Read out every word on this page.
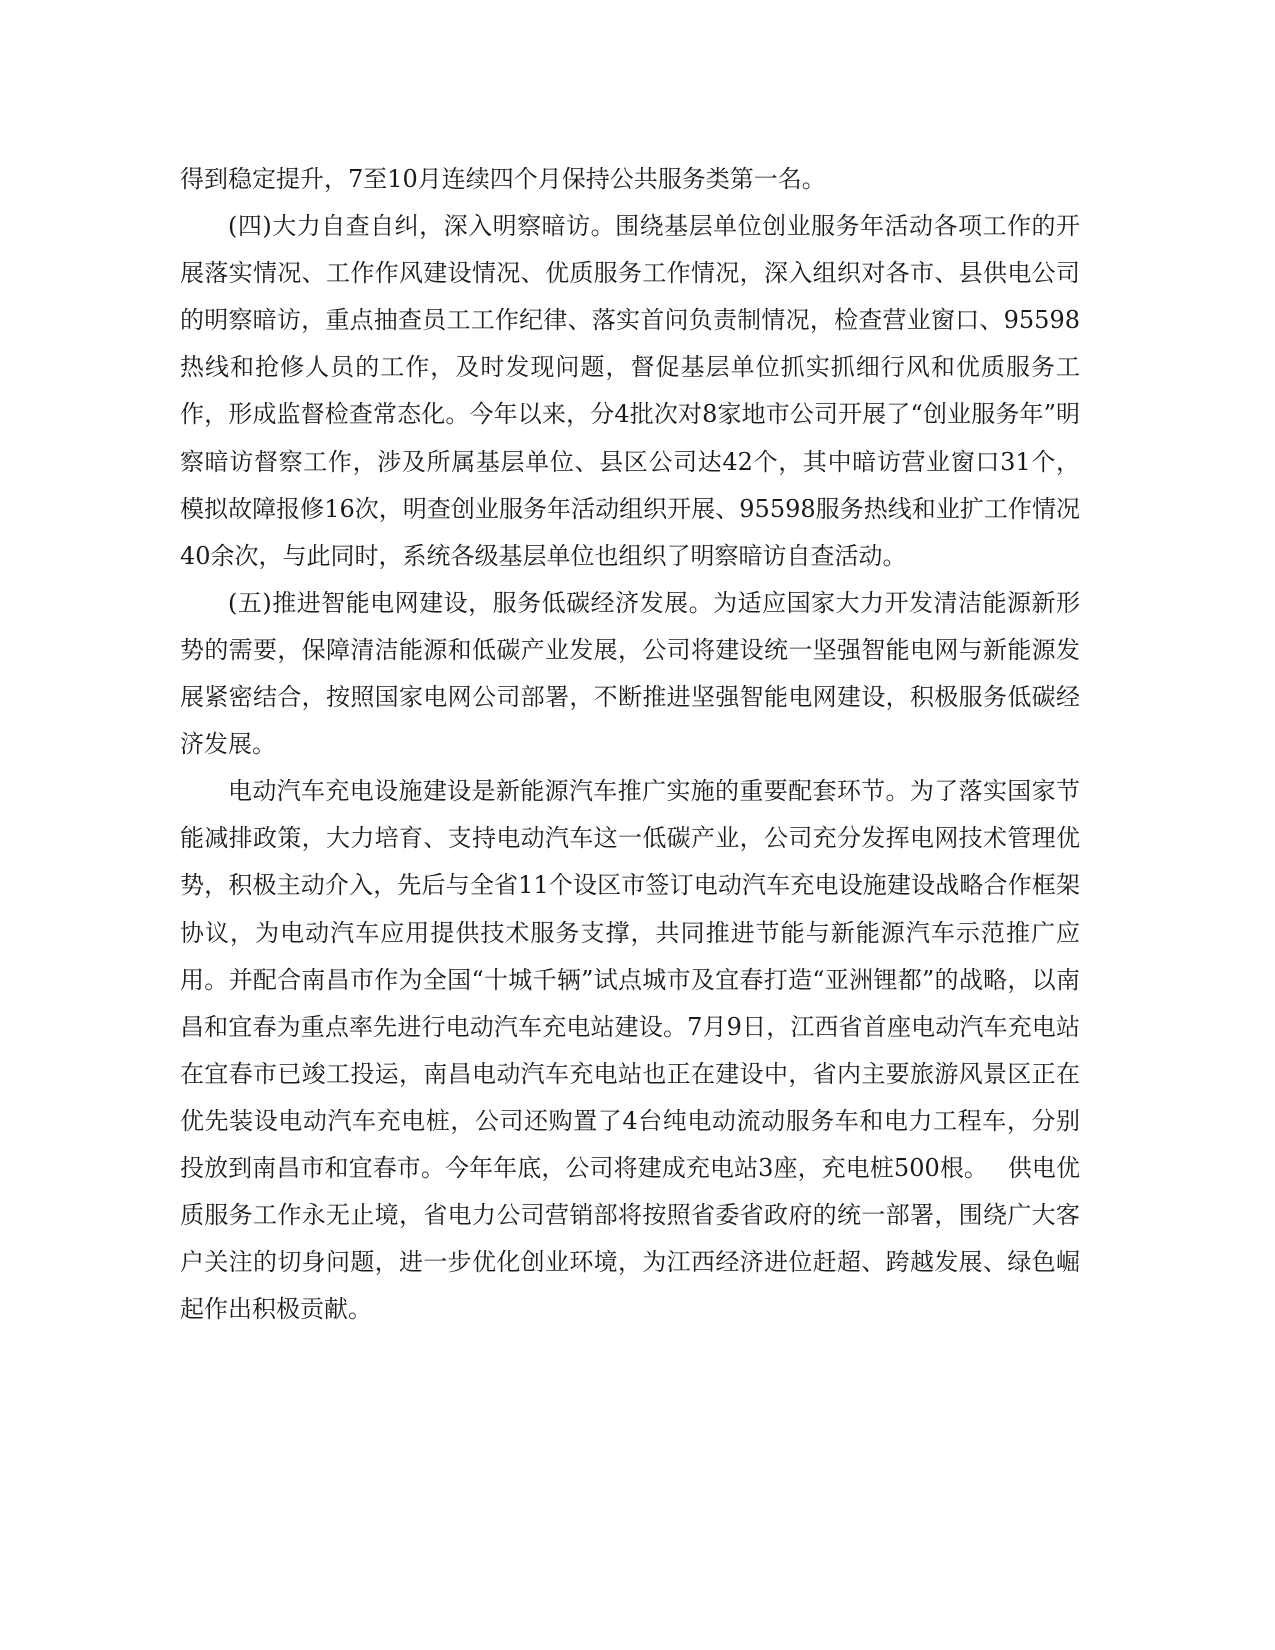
得到稳定提升，7至10月连续四个月保持公共服务类第一名。

(四)大力自查自纠，深入明察暗访。围绕基层单位创业服务年活动各项工作的开展落实情况、工作作风建设情况、优质服务工作情况，深入组织对各市、县供电公司的明察暗访，重点抽查员工工作纪律、落实首问负责制情况，检查营业窗口、95598热线和抢修人员的工作，及时发现问题，督促基层单位抓实抓细行风和优质服务工作，形成监督检查常态化。今年以来，分4批次对8家地市公司开展了“创业服务年”明察暗访督察工作，涉及所属基层单位、县区公司达42个，其中暗访营业窗口31个，模拟故障报修16次，明查创业服务年活动组织开展、95598服务热线和业扩工作情况40余次，与此同时，系统各级基层单位也组织了明察暗访自查活动。

(五)推进智能电网建设，服务低碳经济发展。为适应国家大力开发清洁能源新形势的需要，保障清洁能源和低碳产业发展，公司将建设统一坚强智能电网与新能源发展紧密结合，按照国家电网公司部署，不断推进坚强智能电网建设，积极服务低碳经济发展。

电动汽车充电设施建设是新能源汽车推广实施的重要配套环节。为了落实国家节能减排政策，大力培育、支持电动汽车这一低碳产业，公司充分发挥电网技术管理优势，积极主动介入，先后与全省11个设区市签订电动汽车充电设施建设战略合作框架协议，为电动汽车应用提供技术服务支撑，共同推进节能与新能源汽车示范推广应用。并配合南昌市作为全国“十城千辆”试点城市及宜春打造“亚洲锂都”的战略，以南昌和宜春为重点率先进行电动汽车充电站建设。7月9日，江西省首座电动汽车充电站在宜春市已竣工投运，南昌电动汽车充电站也正在建设中，省内主要旅游风景区正在优先装设电动汽车充电桩，公司还购置了4台纯电动流动服务车和电力工程车，分别投放到南昌市和宜春市。今年年底，公司将建成充电站3座，充电桩500根。　 供电优质服务工作永无止境，省电力公司营销部将按照省委省政府的统一部署，围绕广大客户关注的切身问题，进一步优化创业环境，为江西经济进位赶超、跨越发展、绿色崛起作出积极贡献。
